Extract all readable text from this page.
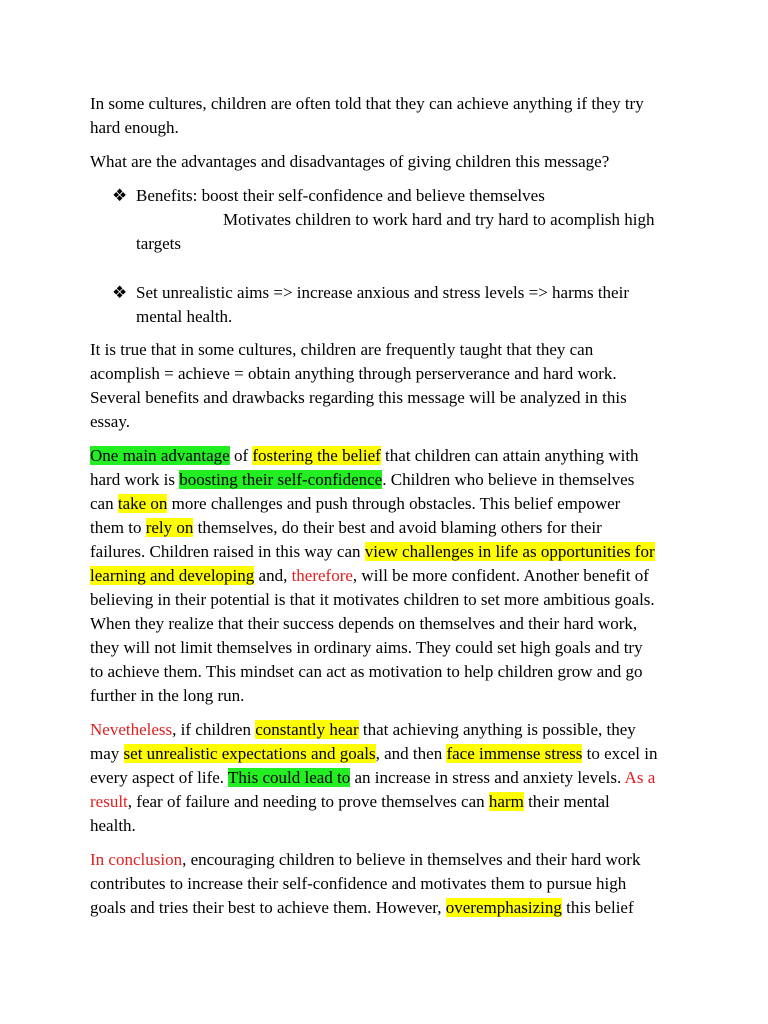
In some cultures, children are often told that they can achieve anything if they try
hard enough.
What are the advantages and disadvantages of giving children this message?
❖ Benefits: boost their self-confidence and believe themselves
Motivates children to work hard and try hard to acomplish high
targets
❖ Set unrealistic aims => increase anxious and stress levels => harms their
mental health.
It is true that in some cultures, children are frequently taught that they can
acomplish = achieve = obtain anything through perserverance and hard work.
Several benefits and drawbacks regarding this message will be analyzed in this
essay.
One main advantage of fostering the belief that children can attain anything with
hard work is boosting their self-confidence. Children who believe in themselves
can take on more challenges and push through obstacles. This belief empower
them to rely on themselves, do their best and avoid blaming others for their
failures. Children raised in this way can view challenges in life as opportunities for
learning and developing and, therefore, will be more confident. Another benefit of
believing in their potential is that it motivates children to set more ambitious goals.
When they realize that their success depends on themselves and their hard work,
they will not limit themselves in ordinary aims. They could set high goals and try
to achieve them. This mindset can act as motivation to help children grow and go
further in the long run.
Nevetheless, if children constantly hear that achieving anything is possible, they
may set unrealistic expectations and goals, and then face immense stress to excel in
every aspect of life. This could lead to an increase in stress and anxiety levels. As a
result, fear of failure and needing to prove themselves can harm their mental
health.
In conclusion, encouraging children to believe in themselves and their hard work
contributes to increase their self-confidence and motivates them to pursue high
goals and tries their best to achieve them. However, overemphasizing this belief
